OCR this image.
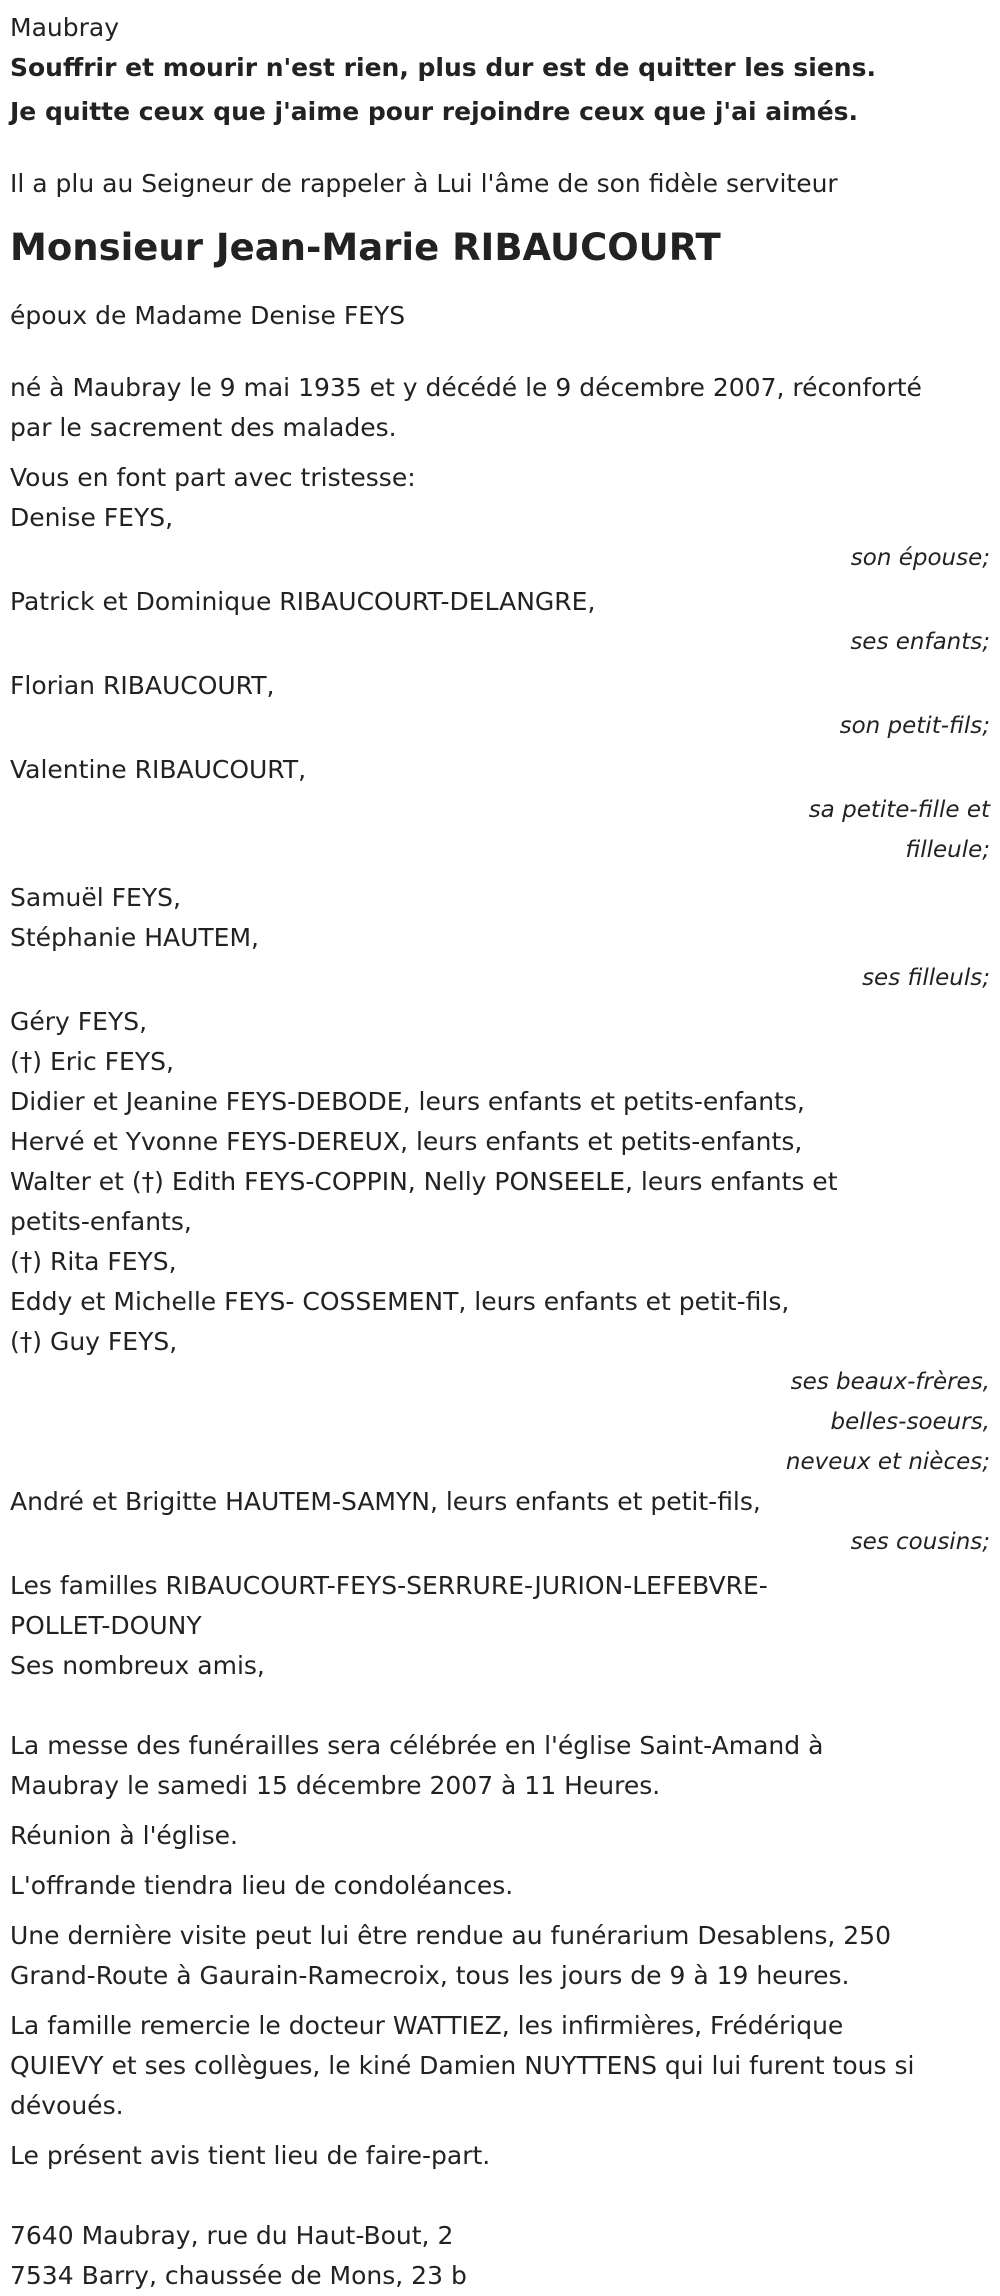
Maubray

Souffrir et mourir n'est rien, plus dur est de quitter les siens.

Je quitte ceux que j'aime pour rejoindre ceux que j'ai aimés.

Il a plu au Seigneur de rappeler à Lui l'âme de son fidèle serviteur

Monsieur Jean-Marie RIBAUCOURT

époux de Madame Denise FEYS

né à Maubray le 9 mai 1935 et y décédé le 9 décembre 2007, réconforté

par le sacrement des malades.

Vous en font part avec tristesse:

Denise FEYS,

son épouse;

Patrick et Dominique RIBAUCOURT-DELANGRE,

ses enfants;

Florian RIBAUCOURT,

son petit-fils;

Valentine RIBAUCOURT,

sa petite-fille et

filleule;

Samuël FEYS,

Stéphanie HAUTEM,

ses filleuls;

Géry FEYS,

(†) Eric FEYS,

Didier et Jeanine FEYS-DEBODE, leurs enfants et petits-enfants,

Hervé et Yvonne FEYS-DEREUX, leurs enfants et petits-enfants,

Walter et (†) Edith FEYS-COPPIN, Nelly PONSEELE, leurs enfants et

petits-enfants,

(†) Rita FEYS,

Eddy et Michelle FEYS- COSSEMENT, leurs enfants et petit-fils,

(†) Guy FEYS,

ses beaux-frères,

belles-soeurs,

neveux et nièces;

André et Brigitte HAUTEM-SAMYN, leurs enfants et petit-fils,

ses cousins;

Les familles RIBAUCOURT-FEYS-SERRURE-JURION-LEFEBVRE-

POLLET-DOUNY

Ses nombreux amis,

La messe des funérailles sera célébrée en l'église Saint-Amand à

Maubray le samedi 15 décembre 2007 à 11 Heures.

Réunion à l'église.

L'offrande tiendra lieu de condoléances.

Une dernière visite peut lui être rendue au funérarium Desablens, 250

Grand-Route à Gaurain-Ramecroix, tous les jours de 9 à 19 heures.

La famille remercie le docteur WATTIEZ, les infirmières, Frédérique

QUIEVY et ses collègues, le kiné Damien NUYTTENS qui lui furent tous si

dévoués.

Le présent avis tient lieu de faire-part.

7640 Maubray, rue du Haut-Bout, 2

7534 Barry, chaussée de Mons, 23 b
